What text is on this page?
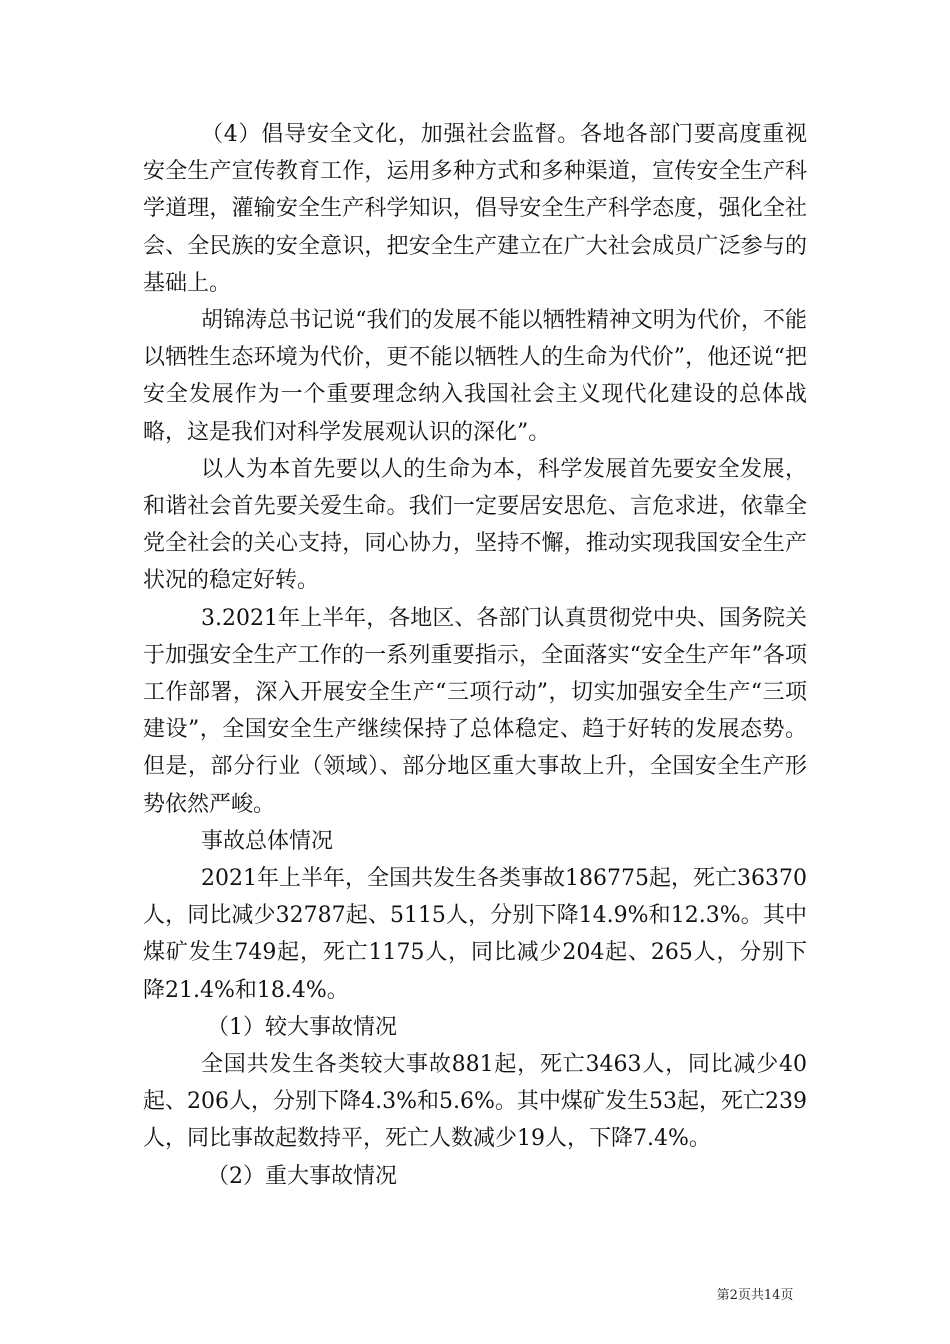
（4）倡导安全文化，加强社会监督。各地各部门要高度重视安全生产宣传教育工作，运用多种方式和多种渠道，宣传安全生产科学道理，灌输安全生产科学知识，倡导安全生产科学态度，强化全社会、全民族的安全意识，把安全生产建立在广大社会成员广泛参与的基础上。

胡锦涛总书记说“我们的发展不能以牺牲精神文明为代价，不能以牺牲生态环境为代价，更不能以牺牲人的生命为代价”，他还说“把安全发展作为一个重要理念纳入我国社会主义现代化建设的总体战略，这是我们对科学发展观认识的深化”。

以人为本首先要以人的生命为本，科学发展首先要安全发展，和谐社会首先要关爱生命。我们一定要居安思危、言危求进，依靠全党全社会的关心支持，同心协力，坚持不懈，推动实现我国安全生产状况的稳定好转。

3.2021年上半年，各地区、各部门认真贯彻党中央、国务院关于加强安全生产工作的一系列重要指示，全面落实“安全生产年”各项工作部署，深入开展安全生产“三项行动”，切实加强安全生产“三项建设”，全国安全生产继续保持了总体稳定、趋于好转的发展态势。但是，部分行业（领域）、部分地区重大事故上升，全国安全生产形势依然严峻。

事故总体情况

2021年上半年，全国共发生各类事故186775起，死亡36370人，同比减少32787起、5115人，分别下降14.9%和12.3%。其中煤矿发生749起，死亡1175人，同比减少204起、265人，分别下降21.4%和18.4%。

（1）较大事故情况

全国共发生各类较大事故881起，死亡3463人，同比减少40起、206人，分别下降4.3%和5.6%。其中煤矿发生53起，死亡239人，同比事故起数持平，死亡人数减少19人，下降7.4%。

（2）重大事故情况

第2页共14页
